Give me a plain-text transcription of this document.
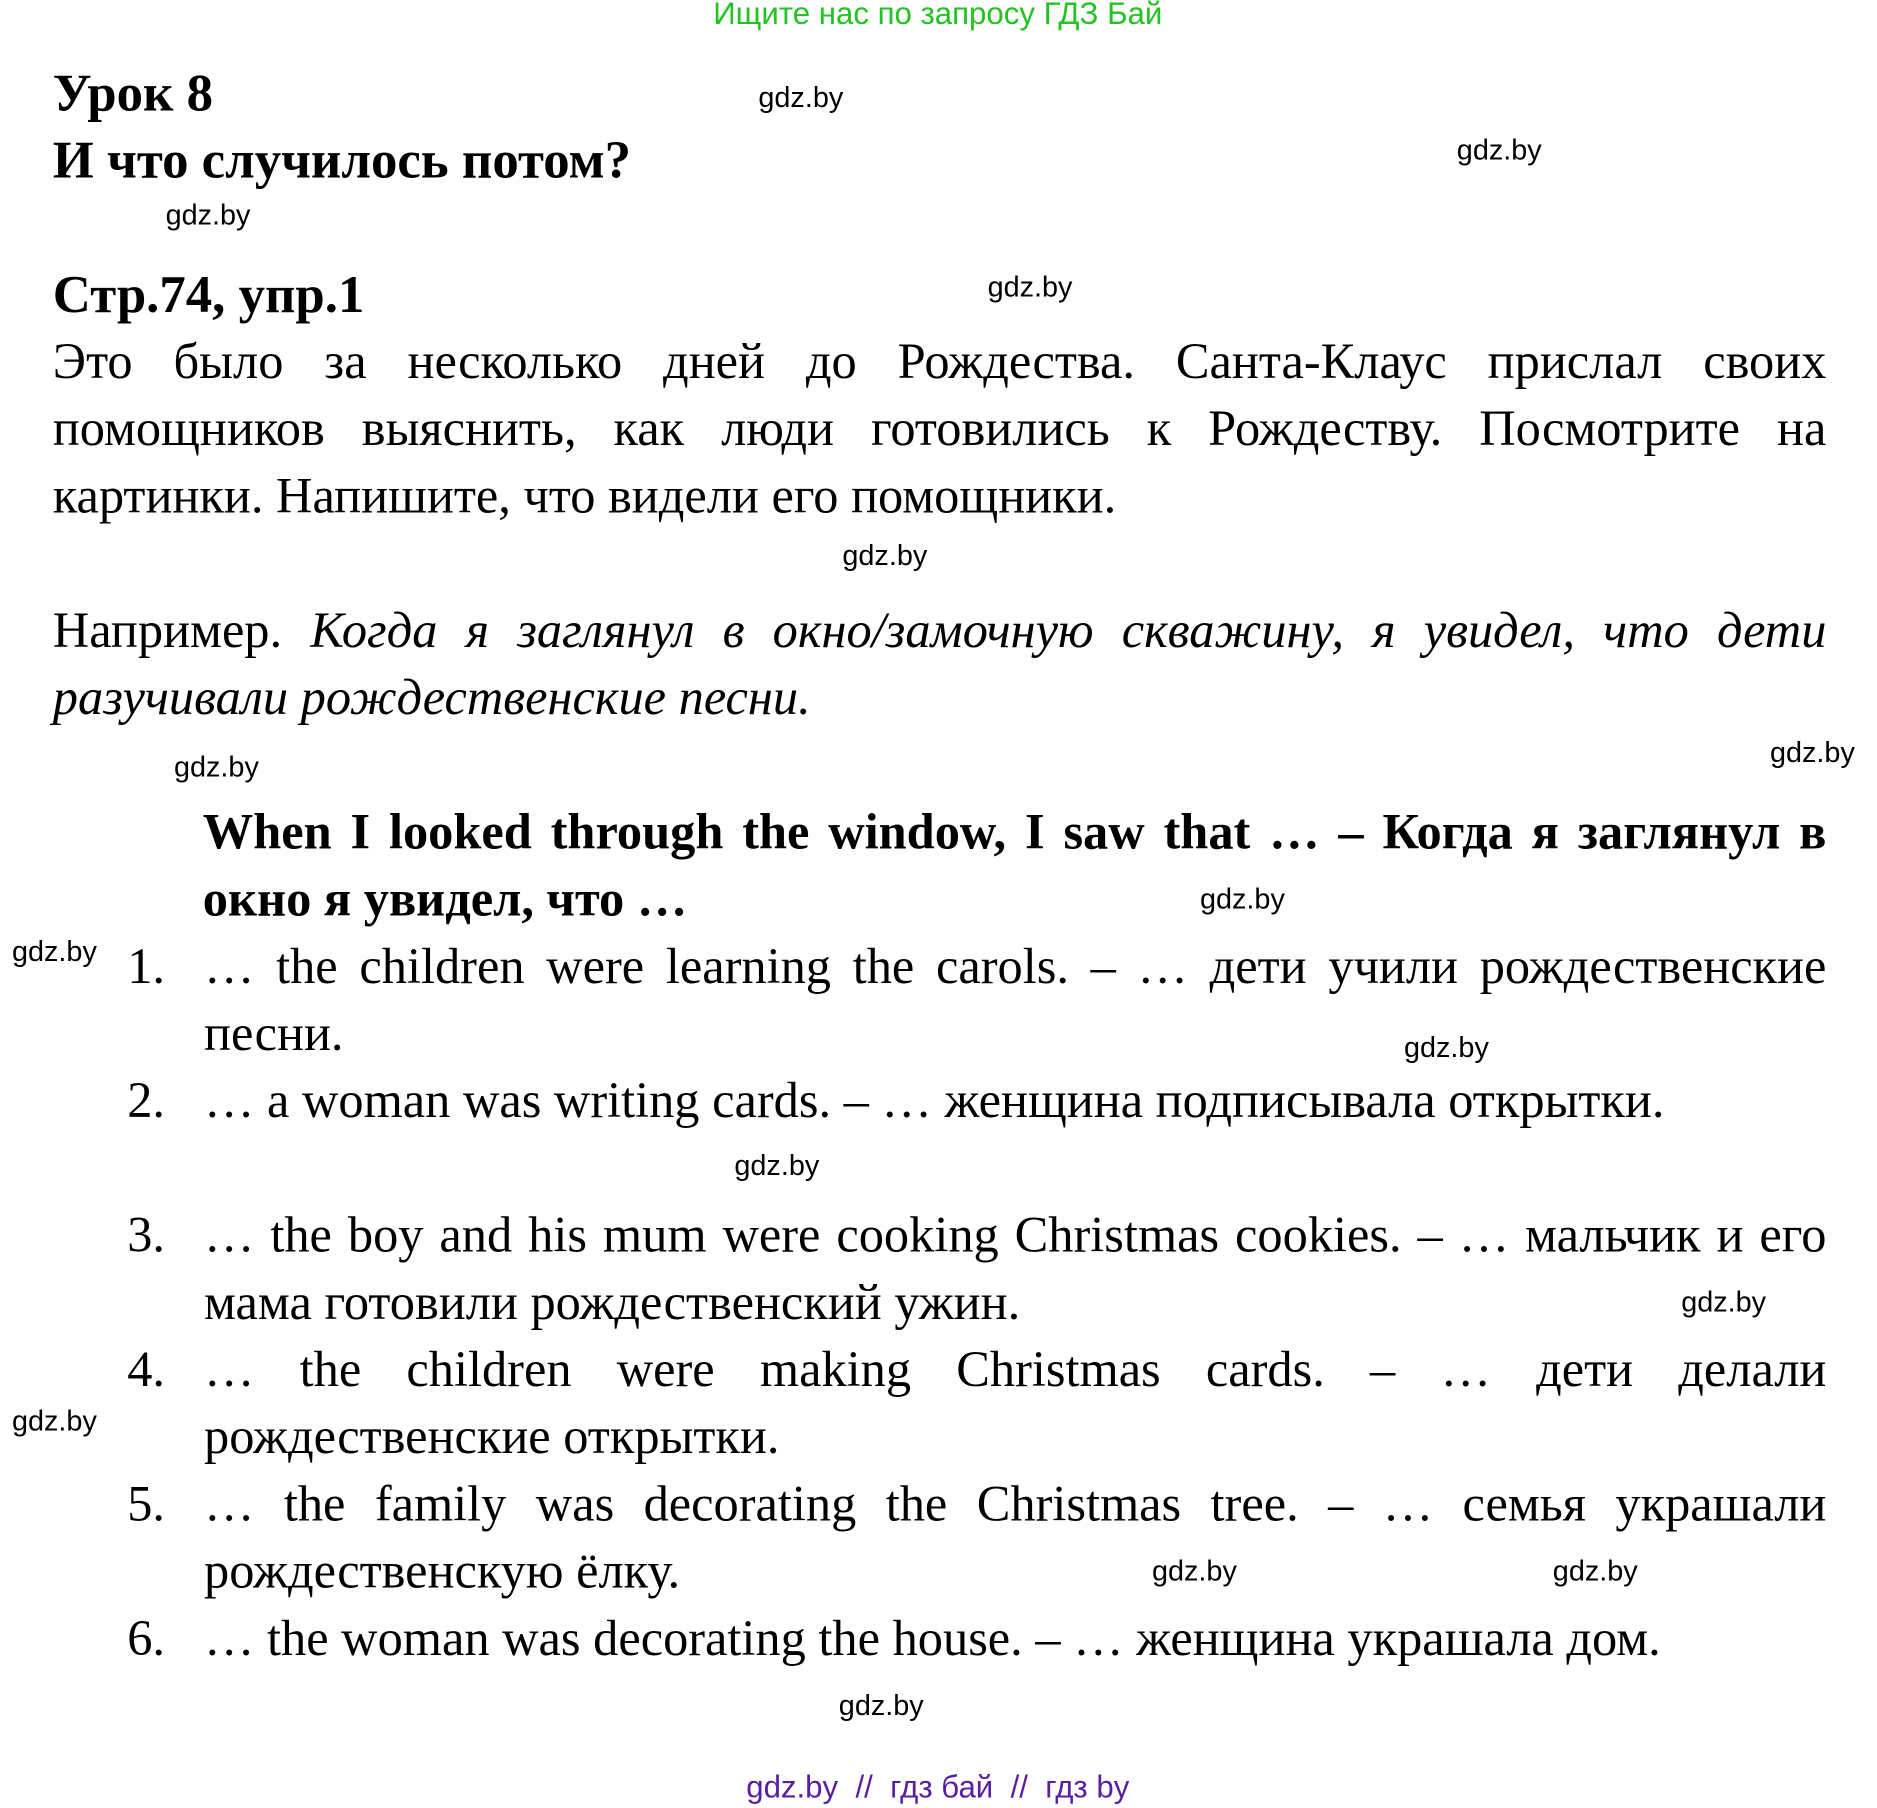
Ищите нас по запросу ГДЗ Бай
Урок 8
И что случилось потом?
Стр.74, упр.1
Это было за несколько дней до Рождества. Санта-Клаус прислал своих помощников выяснить, как люди готовились к Рождеству. Посмотрите на картинки. Напишите, что видели его помощники.
Например. Когда я заглянул в окно/замочную скважину, я увидел, что дети разучивали рождественские песни.
When I looked through the window, I saw that … – Когда я заглянул в окно я увидел, что …
1. … the children were learning the carols. – … дети учили рождественские песни.
2. … a woman was writing cards. – … женщина подписывала открытки.
3. … the boy and his mum were cooking Christmas cookies. – … мальчик и его мама готовили рождественский ужин.
4. … the children were making Christmas cards. – … дети делали рождественские открытки.
5. … the family was decorating the Christmas tree. – … семья украшали рождественскую ёлку.
6. … the woman was decorating the house. – … женщина украшала дом.
gdz.by
gdz.by
gdz.by
gdz.by
gdz.by
gdz.by
gdz.by
gdz.by
gdz.by
gdz.by
gdz.by
gdz.by
gdz.by
gdz.by
gdz.by
gdz.by
gdz.by  //  гдз бай  //  гдз by
